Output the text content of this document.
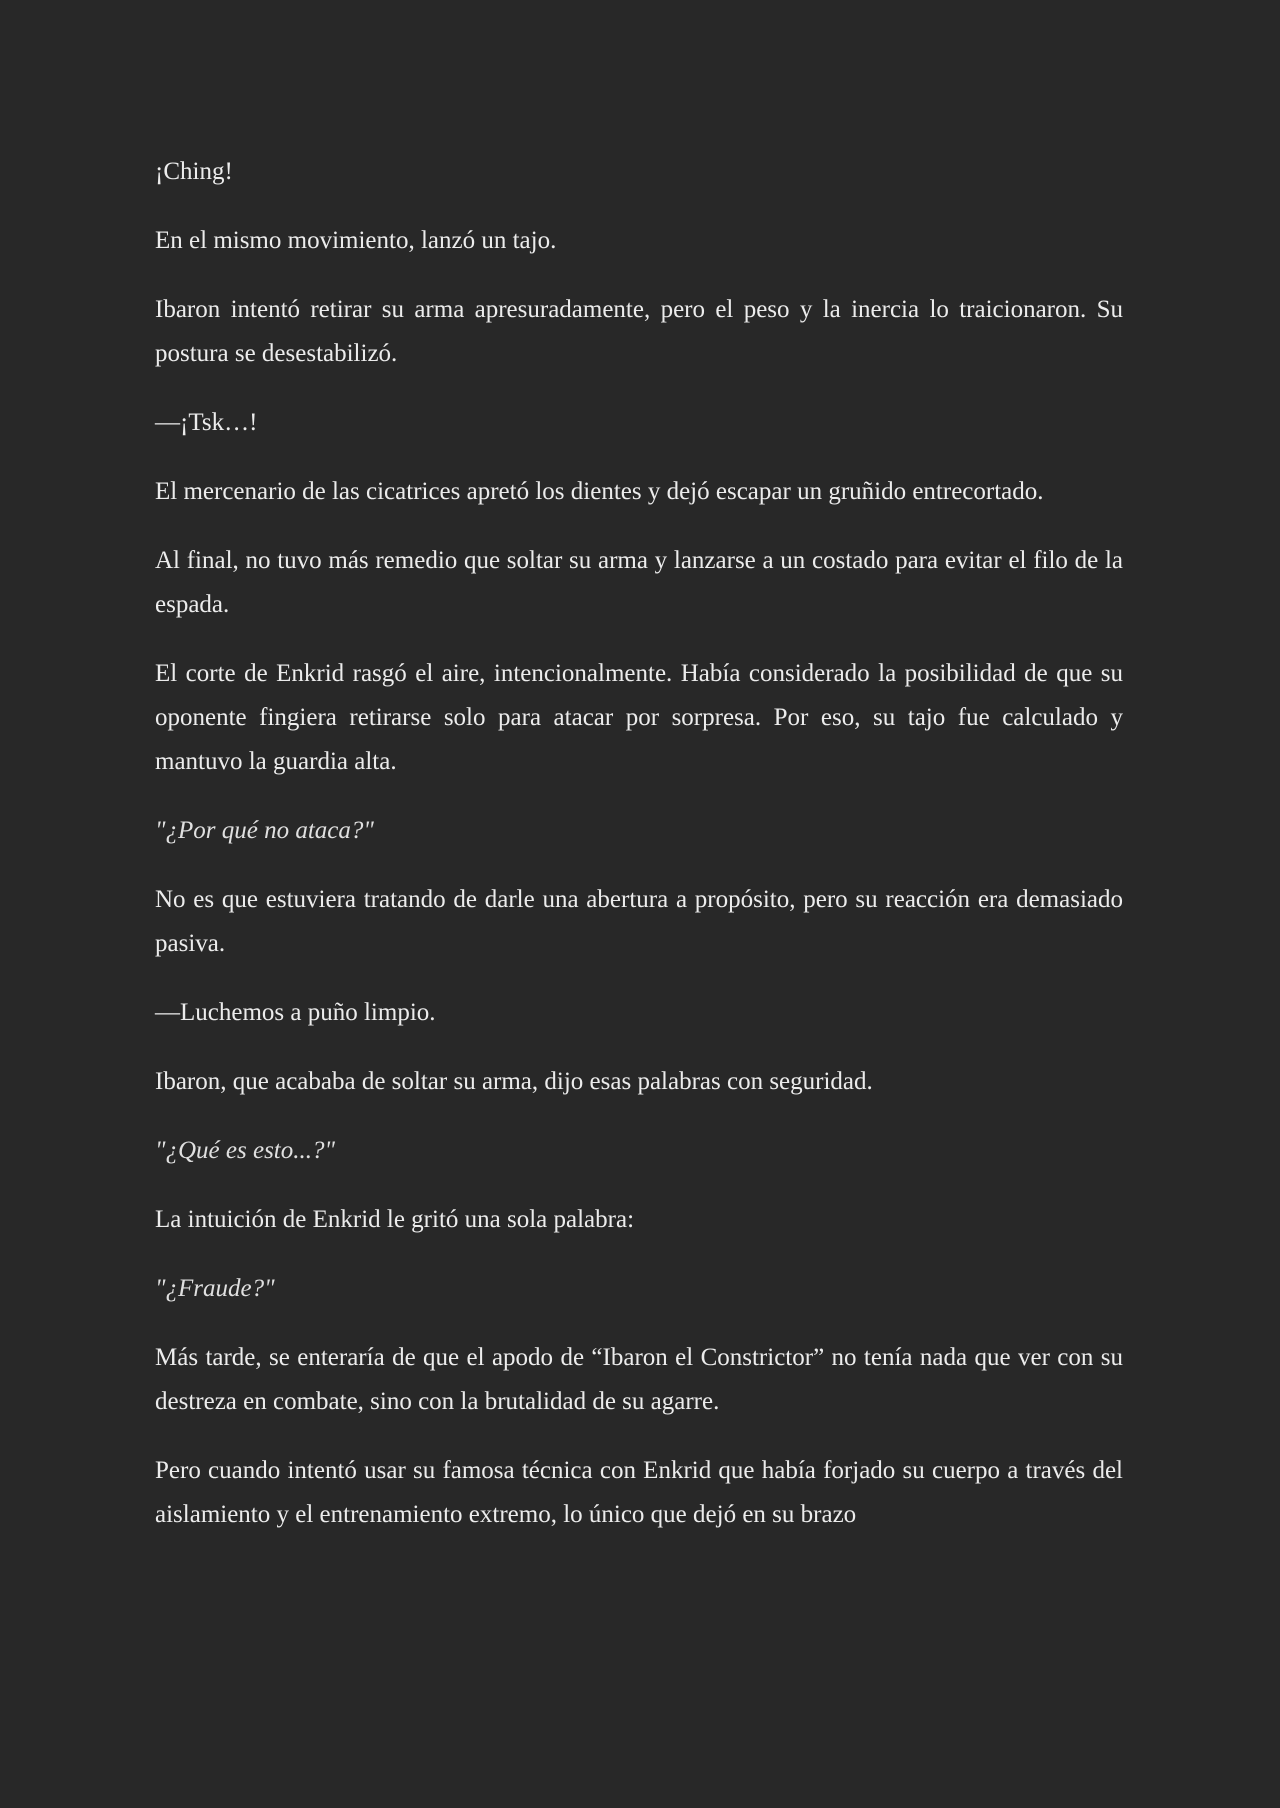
¡Ching!

En el mismo movimiento, lanzó un tajo.

Ibaron intentó retirar su arma apresuradamente, pero el peso y la inercia lo traicionaron. Su postura se desestabilizó.

—¡Tsk…!

El mercenario de las cicatrices apretó los dientes y dejó escapar un gruñido entrecortado.

Al final, no tuvo más remedio que soltar su arma y lanzarse a un costado para evitar el filo de la espada.

El corte de Enkrid rasgó el aire, intencionalmente. Había considerado la posibilidad de que su oponente fingiera retirarse solo para atacar por sorpresa. Por eso, su tajo fue calculado y mantuvo la guardia alta.

"¿Por qué no ataca?"

No es que estuviera tratando de darle una abertura a propósito, pero su reacción era demasiado pasiva.

—Luchemos a puño limpio.

Ibaron, que acababa de soltar su arma, dijo esas palabras con seguridad.

"¿Qué es esto...?"

La intuición de Enkrid le gritó una sola palabra:

"¿Fraude?"

Más tarde, se enteraría de que el apodo de “Ibaron el Constrictor” no tenía nada que ver con su destreza en combate, sino con la brutalidad de su agarre.

Pero cuando intentó usar su famosa técnica con Enkrid que había forjado su cuerpo a través del aislamiento y el entrenamiento extremo, lo único que dejó en su brazo
